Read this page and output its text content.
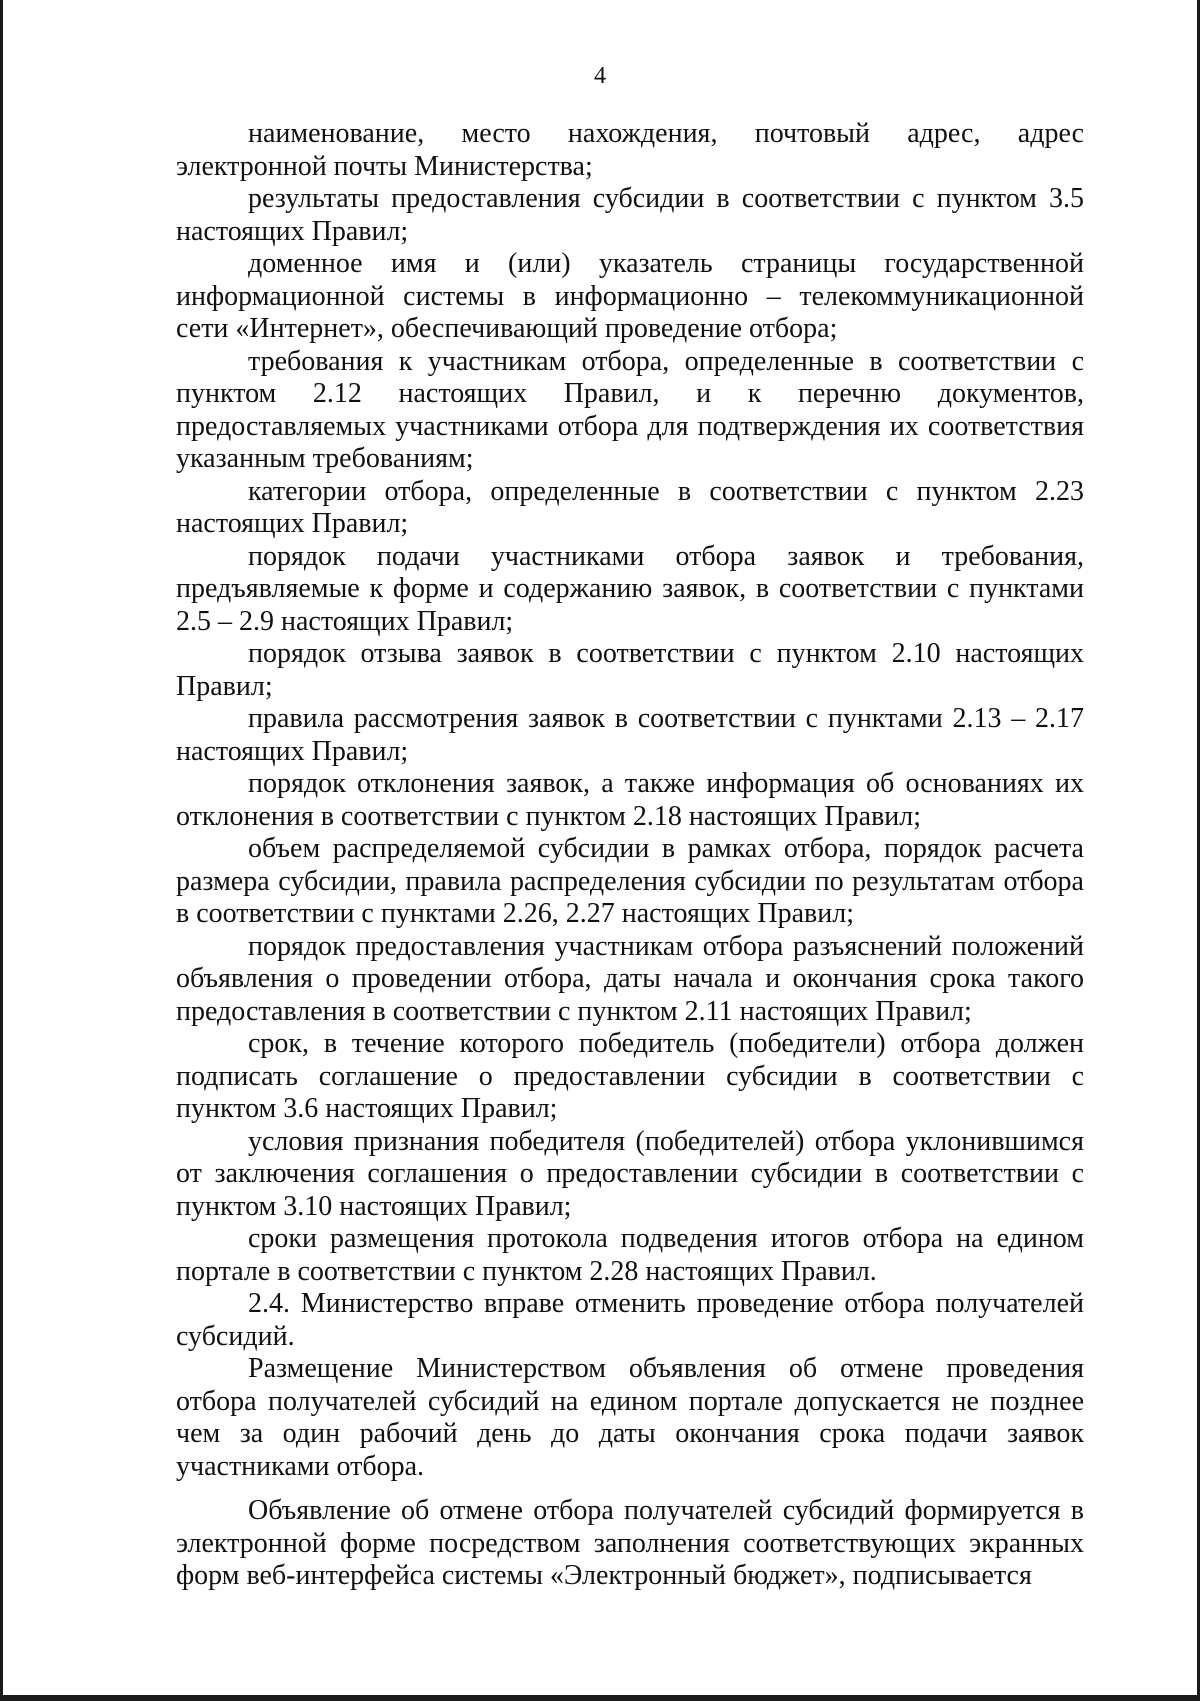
4

наименование, место нахождения, почтовый адрес, адрес электронной почты Министерства;

результаты предоставления субсидии в соответствии с пунктом 3.5 настоящих Правил;

доменное имя и (или) указатель страницы государственной информационной системы в информационно – телекоммуникационной сети «Интернет», обеспечивающий проведение отбора;

требования к участникам отбора, определенные в соответствии с пунктом 2.12 настоящих Правил, и к перечню документов, предоставляемых участниками отбора для подтверждения их соответствия указанным требованиям;

категории отбора, определенные в соответствии с пунктом 2.23 настоящих Правил;

порядок подачи участниками отбора заявок и требования, предъявляемые к форме и содержанию заявок, в соответствии с пунктами 2.5 – 2.9 настоящих Правил;

порядок отзыва заявок в соответствии с пунктом 2.10 настоящих Правил;

правила рассмотрения заявок в соответствии с пунктами 2.13 – 2.17 настоящих Правил;

порядок отклонения заявок, а также информация об основаниях их отклонения в соответствии с пунктом 2.18 настоящих Правил;

объем распределяемой субсидии в рамках отбора, порядок расчета размера субсидии, правила распределения субсидии по результатам отбора в соответствии с пунктами 2.26, 2.27 настоящих Правил;

порядок предоставления участникам отбора разъяснений положений объявления о проведении отбора, даты начала и окончания срока такого предоставления в соответствии с пунктом 2.11 настоящих Правил;

срок, в течение которого победитель (победители) отбора должен подписать соглашение о предоставлении субсидии в соответствии с пунктом 3.6 настоящих Правил;

условия признания победителя (победителей) отбора уклонившимся от заключения соглашения о предоставлении субсидии в соответствии с пунктом 3.10 настоящих Правил;

сроки размещения протокола подведения итогов отбора на едином портале в соответствии с пунктом 2.28 настоящих Правил.

2.4. Министерство вправе отменить проведение отбора получателей субсидий.

Размещение Министерством объявления об отмене проведения отбора получателей субсидий на едином портале допускается не позднее чем за один рабочий день до даты окончания срока подачи заявок участниками отбора.

Объявление об отмене отбора получателей субсидий формируется в электронной форме посредством заполнения соответствующих экранных форм веб-интерфейса системы «Электронный бюджет», подписывается
